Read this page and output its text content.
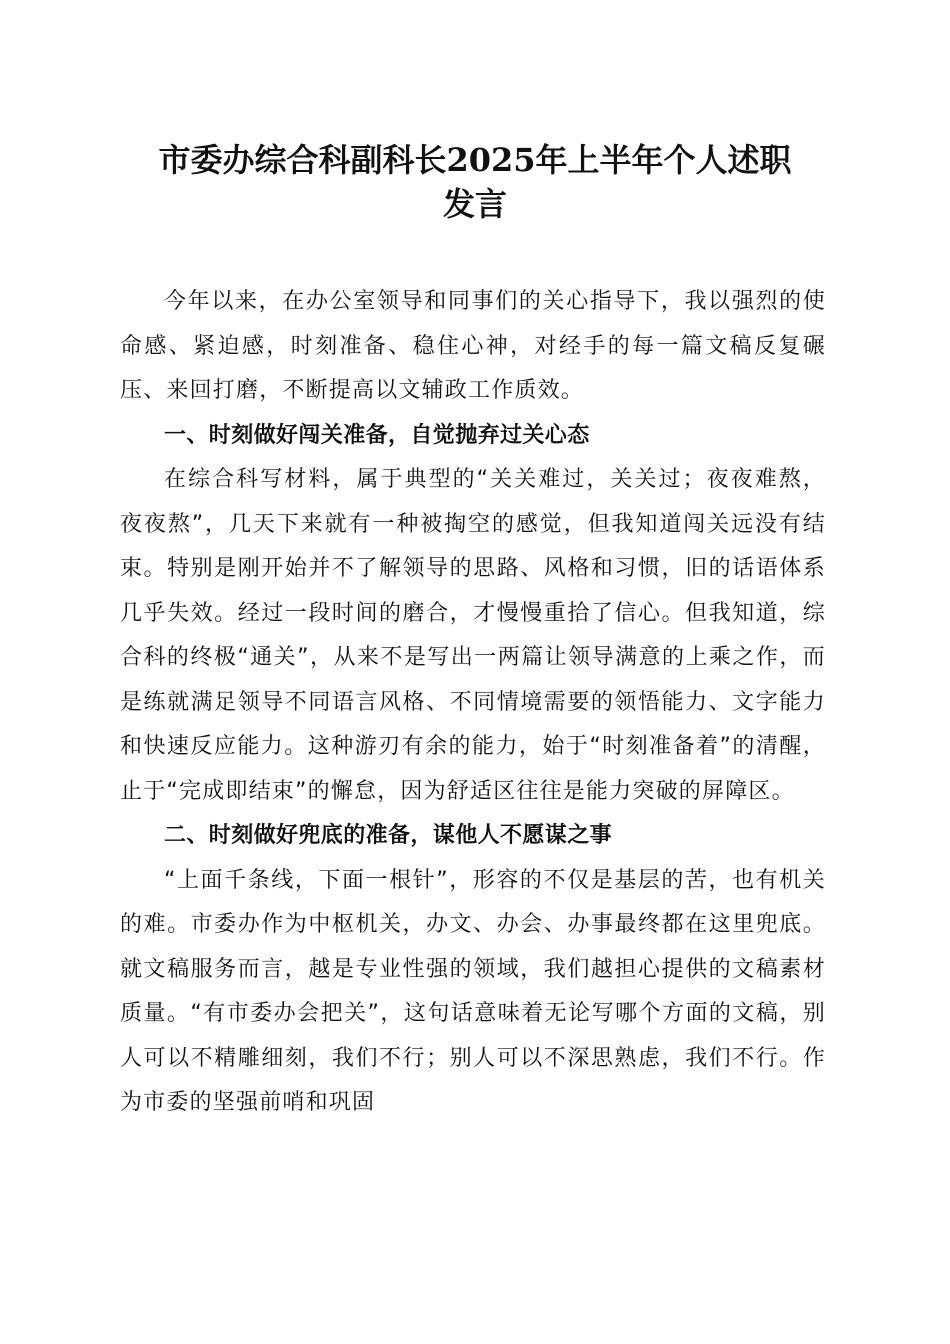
市委办综合科副科长2025年上半年个人述职
发言

今年以来，在办公室领导和同事们的关心指导下，我以强烈的使命感、紧迫感，时刻准备、稳住心神，对经手的每一篇文稿反复碾压、来回打磨，不断提高以文辅政工作质效。

一、时刻做好闯关准备，自觉抛弃过关心态

在综合科写材料，属于典型的“关关难过，关关过；夜夜难熬，夜夜熬”，几天下来就有一种被掏空的感觉，但我知道闯关远没有结束。特别是刚开始并不了解领导的思路、风格和习惯，旧的话语体系几乎失效。经过一段时间的磨合，才慢慢重拾了信心。但我知道，综合科的终极“通关”，从来不是写出一两篇让领导满意的上乘之作，而是练就满足领导不同语言风格、不同情境需要的领悟能力、文字能力和快速反应能力。这种游刃有余的能力，始于“时刻准备着”的清醒，止于“完成即结束”的懈怠，因为舒适区往往是能力突破的屏障区。

二、时刻做好兜底的准备，谋他人不愿谋之事

“上面千条线，下面一根针”，形容的不仅是基层的苦，也有机关的难。市委办作为中枢机关，办文、办会、办事最终都在这里兜底。就文稿服务而言，越是专业性强的领域，我们越担心提供的文稿素材质量。“有市委办会把关”，这句话意味着无论写哪个方面的文稿，别人可以不精雕细刻，我们不行；别人可以不深思熟虑，我们不行。作为市委的坚强前哨和巩固
